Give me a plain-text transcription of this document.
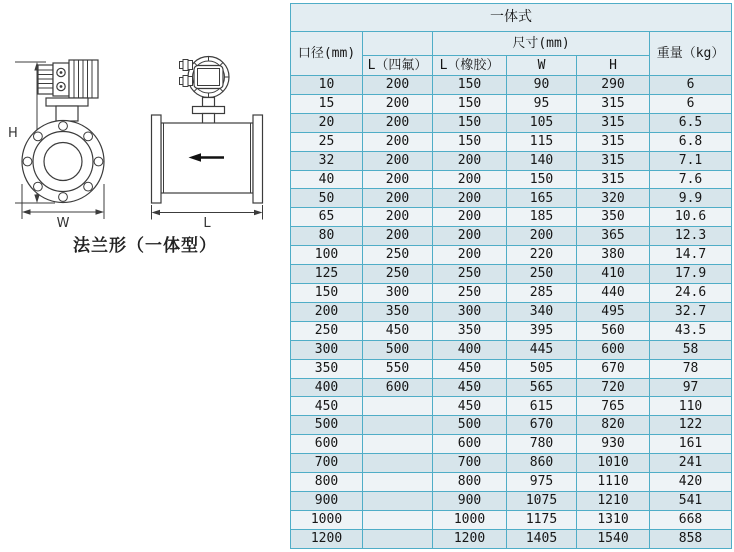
H
W	L
法兰形（一体型）
一体式					
口径(mm)		尺寸(mm)			重量（kg）
	L（四氟）	L（橡胶）	W	H	
10	200	150	90	290	6
15	200	150	95	315	6
20	200	150	105	315	6.5
25	200	150	115	315	6.8
32	200	200	140	315	7.1
40	200	200	150	315	7.6
50	200	200	165	320	9.9
65	200	200	185	350	10.6
80	200	200	200	365	12.3
100	250	200	220	380	14.7
125	250	250	250	410	17.9
150	300	250	285	440	24.6
200	350	300	340	495	32.7
250	450	350	395	560	43.5
300	500	400	445	600	58
350	550	450	505	670	78
400	600	450	565	720	97
450		450	615	765	110
500		500	670	820	122
600		600	780	930	161
700		700	860	1010	241
800		800	975	1110	420
900		900	1075	1210	541
1000		1000	1175	1310	668
1200		1200	1405	1540	858
